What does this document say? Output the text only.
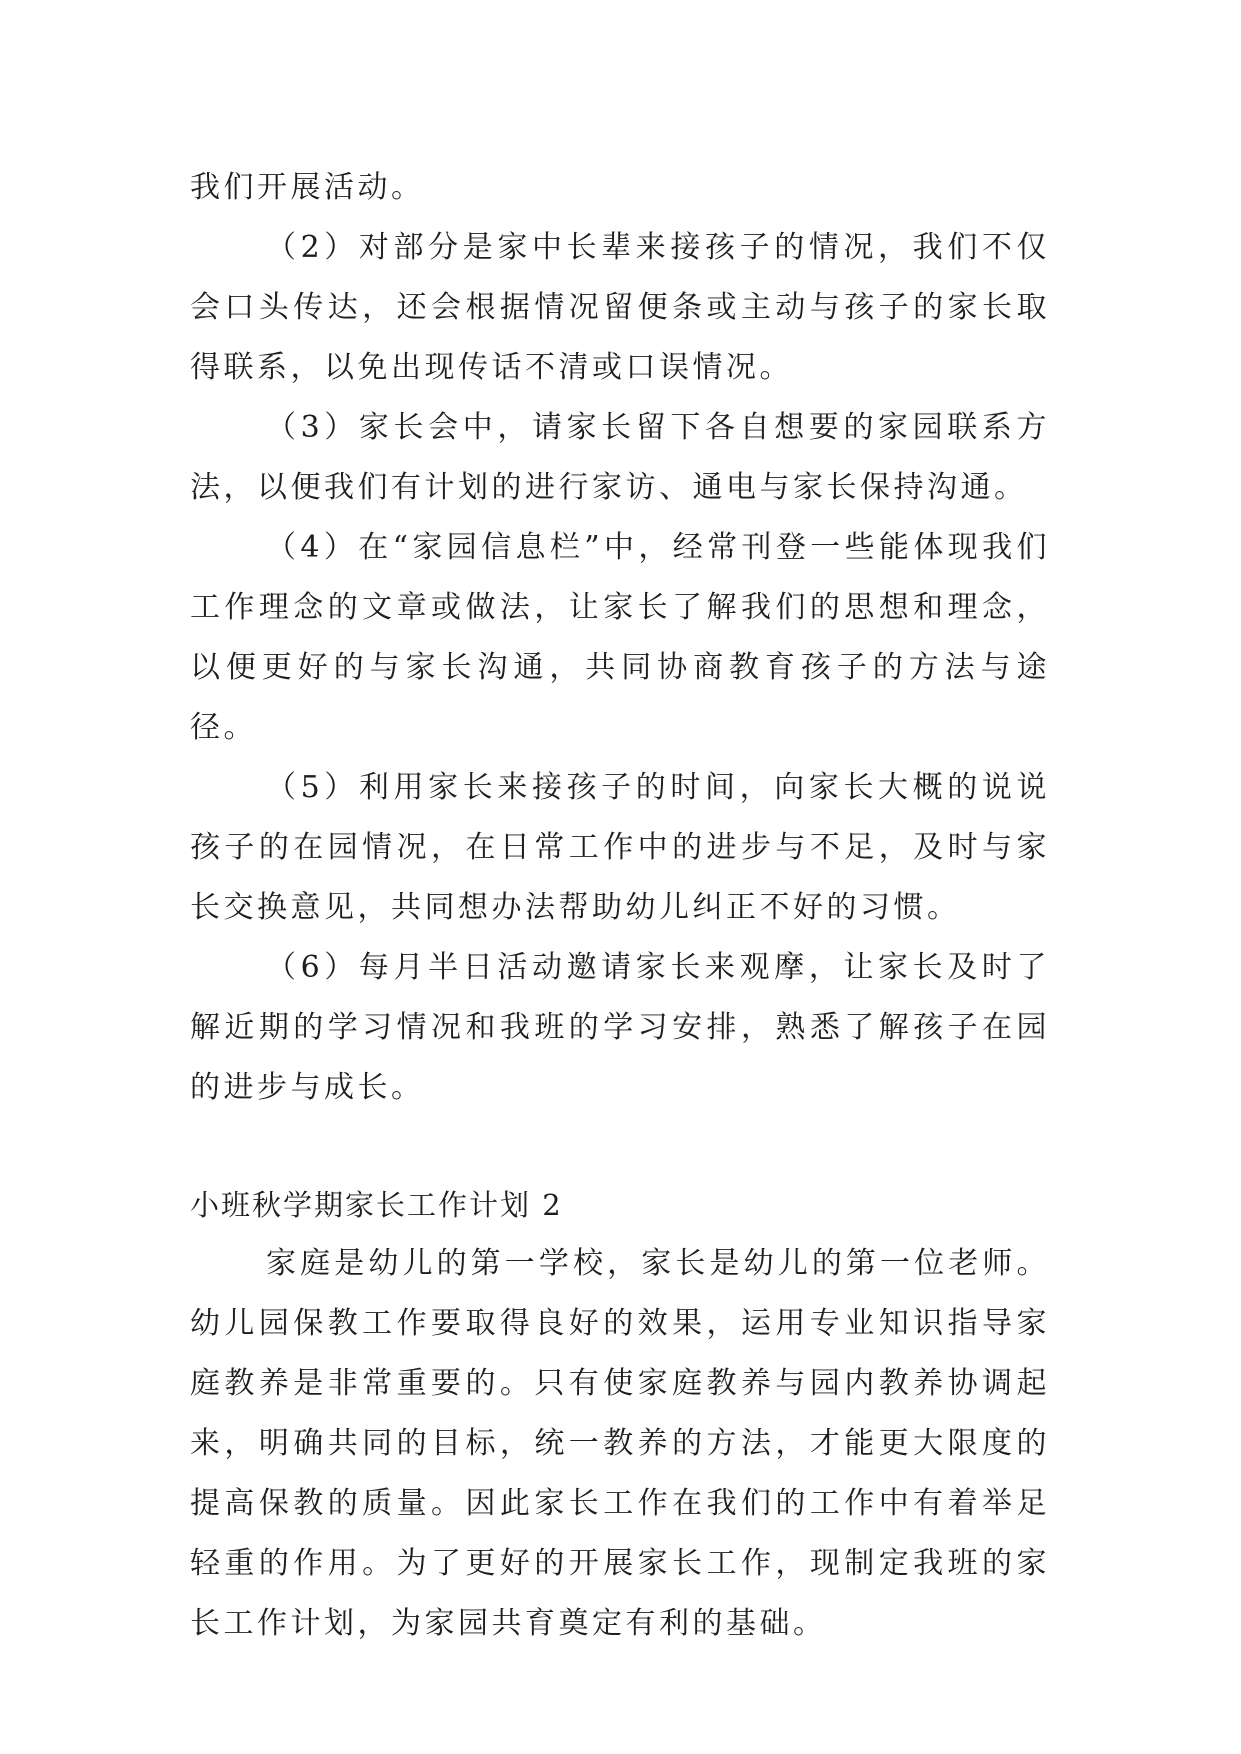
我们开展活动。

（2）对部分是家中长辈来接孩子的情况，我们不仅会口头传达，还会根据情况留便条或主动与孩子的家长取得联系，以免出现传话不清或口误情况。

（3）家长会中，请家长留下各自想要的家园联系方法，以便我们有计划的进行家访、通电与家长保持沟通。

（4）在“家园信息栏”中，经常刊登一些能体现我们工作理念的文章或做法，让家长了解我们的思想和理念，以便更好的与家长沟通，共同协商教育孩子的方法与途径。

（5）利用家长来接孩子的时间，向家长大概的说说孩子的在园情况，在日常工作中的进步与不足，及时与家长交换意见，共同想办法帮助幼儿纠正不好的习惯。

（6）每月半日活动邀请家长来观摩，让家长及时了解近期的学习情况和我班的学习安排，熟悉了解孩子在园的进步与成长。

小班秋学期家长工作计划 2

家庭是幼儿的第一学校，家长是幼儿的第一位老师。幼儿园保教工作要取得良好的效果，运用专业知识指导家庭教养是非常重要的。只有使家庭教养与园内教养协调起来，明确共同的目标，统一教养的方法，才能更大限度的提高保教的质量。因此家长工作在我们的工作中有着举足轻重的作用。为了更好的开展家长工作，现制定我班的家长工作计划，为家园共育奠定有利的基础。
